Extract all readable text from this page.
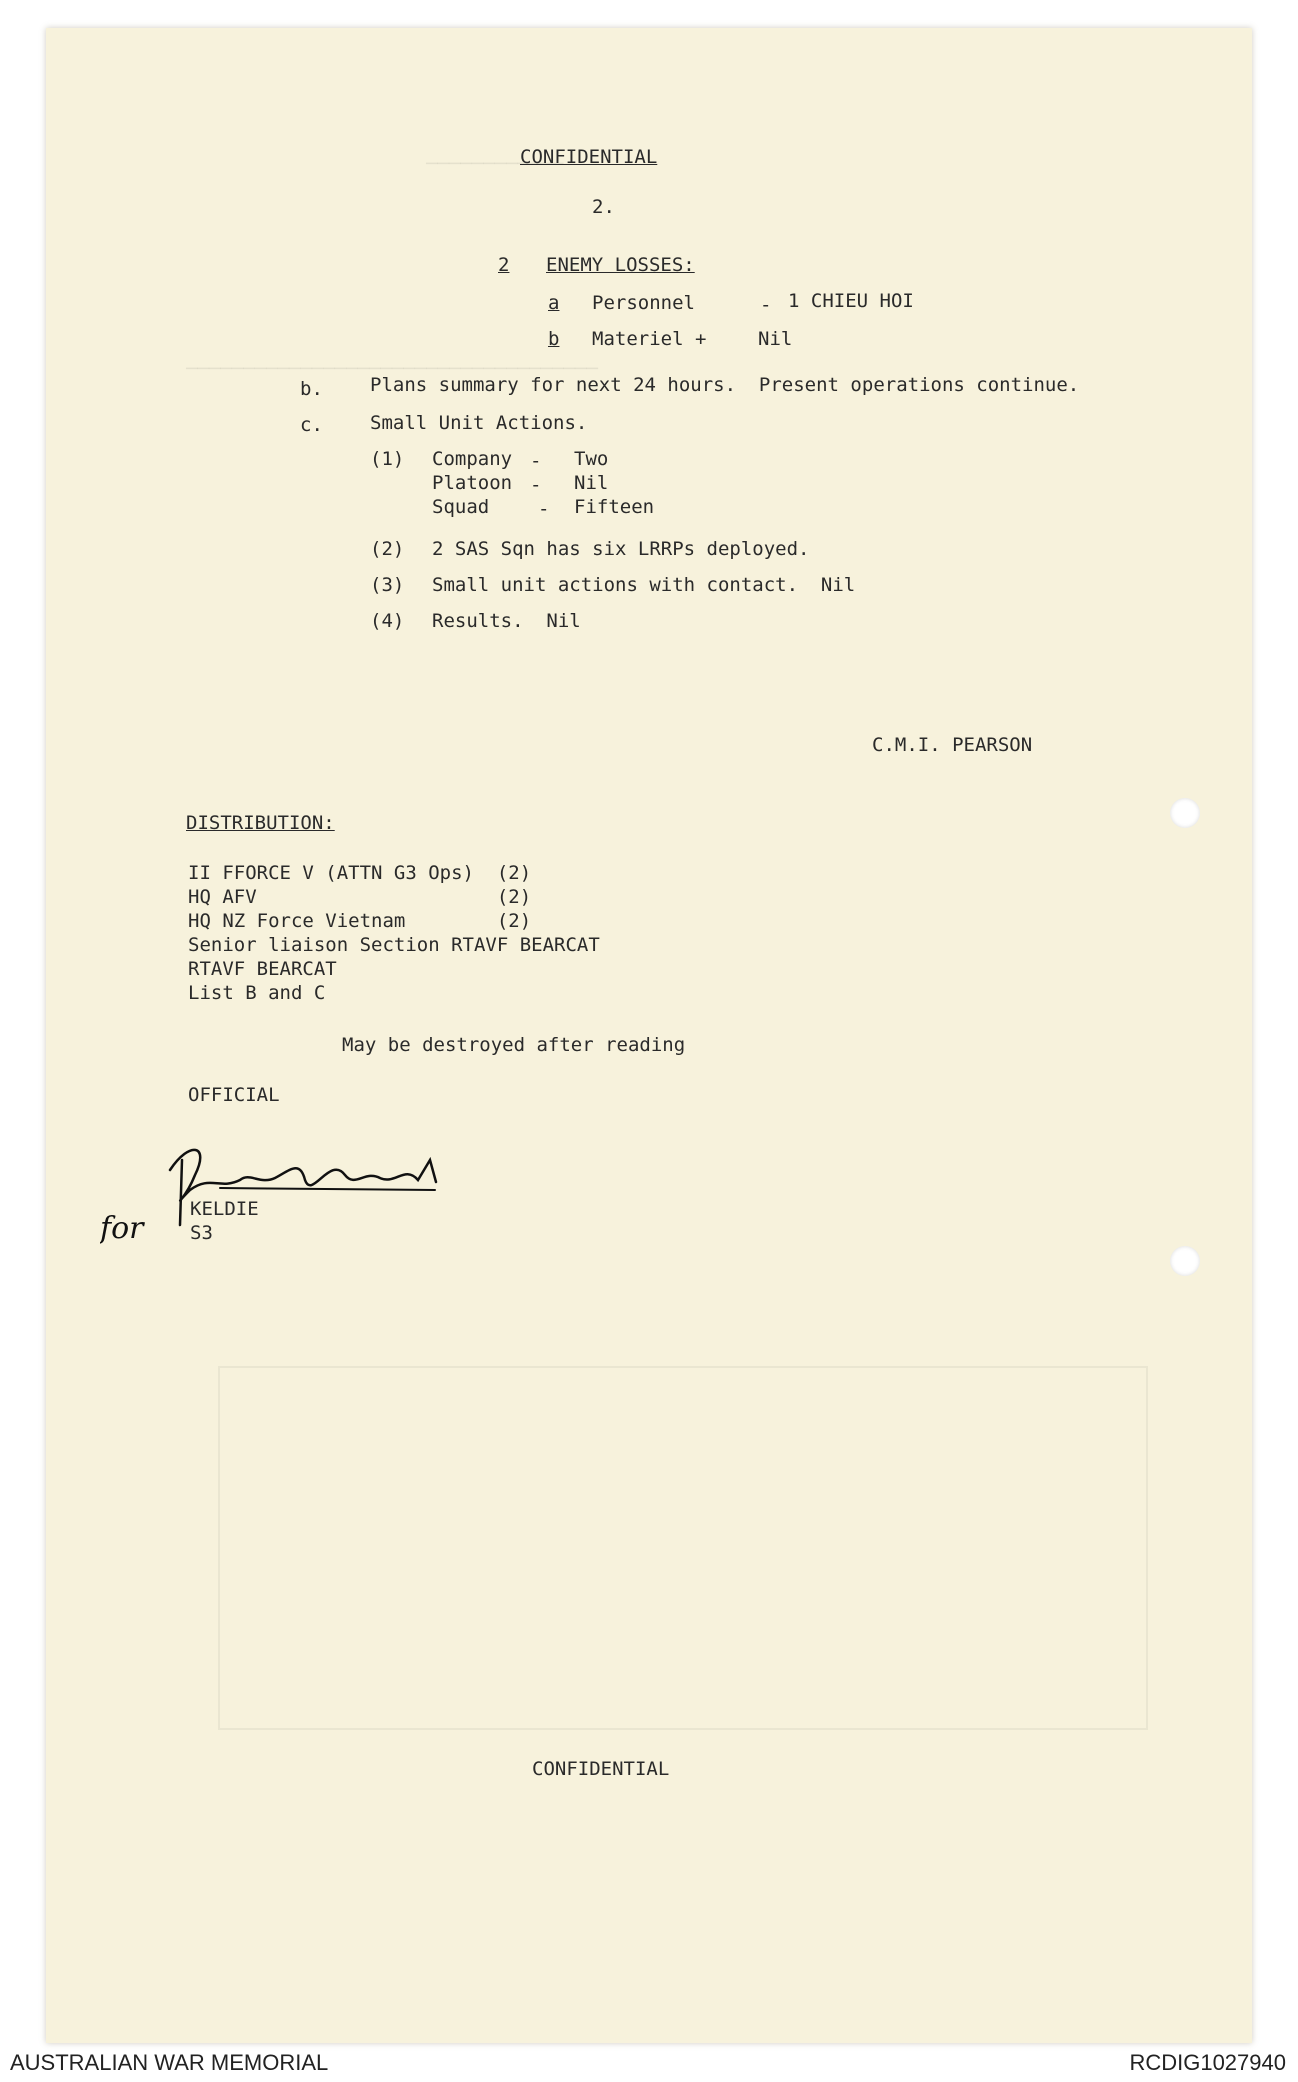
────────────
────────────────────────────────────
CONFIDENTIAL
2.
2 ENEMY LOSSES:
a Personnel	- 1 CHIEU HOI
b Materiel +	Nil
b. Plans summary for next 24 hours.  Present operations continue.
c. Small Unit Actions.
(1) Company - Two
Platoon - Nil
Squad	- Fifteen
(2) 2 SAS Sqn has six LRRPs deployed.
(3) Small unit actions with contact.  Nil
(4) Results.  Nil
C.M.I. PEARSON
DISTRIBUTION:
II FFORCE V (ATTN G3 Ops)  (2)
HQ AFV                     (2)
HQ NZ Force Vietnam        (2)
Senior liaison Section RTAVF BEARCAT
RTAVF BEARCAT
List B and C
May be destroyed after reading
OFFICIAL
for
KELDIE
S3
CONFIDENTIAL
AUSTRALIAN WAR MEMORIAL	RCDIG1027940
